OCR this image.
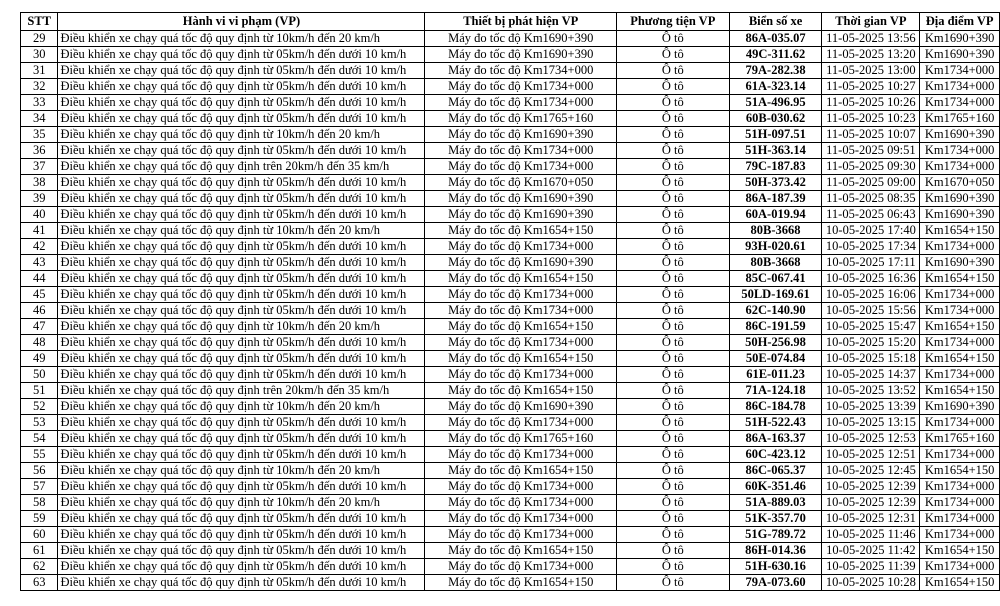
STT	Hành vi vi phạm (VP)	Thiết bị phát hiện VP	Phương tiện VP	Biển số xe	Thời gian VP	Địa điểm VP
29	Điều khiển xe chạy quá tốc độ quy định từ 10km/h đến 20 km/h	Máy đo tốc độ Km1690+390	Ô tô	86A-035.07	11-05-2025 13:56	Km1690+390
30	Điều khiển xe chạy quá tốc độ quy định từ 05km/h đến dưới 10 km/h	Máy đo tốc độ Km1690+390	Ô tô	49C-311.62	11-05-2025 13:20	Km1690+390
31	Điều khiển xe chạy quá tốc độ quy định từ 05km/h đến dưới 10 km/h	Máy đo tốc độ Km1734+000	Ô tô	79A-282.38	11-05-2025 13:00	Km1734+000
32	Điều khiển xe chạy quá tốc độ quy định từ 05km/h đến dưới 10 km/h	Máy đo tốc độ Km1734+000	Ô tô	61A-323.14	11-05-2025 10:27	Km1734+000
33	Điều khiển xe chạy quá tốc độ quy định từ 05km/h đến dưới 10 km/h	Máy đo tốc độ Km1734+000	Ô tô	51A-496.95	11-05-2025 10:26	Km1734+000
34	Điều khiển xe chạy quá tốc độ quy định từ 05km/h đến dưới 10 km/h	Máy đo tốc độ Km1765+160	Ô tô	60B-030.62	11-05-2025 10:23	Km1765+160
35	Điều khiển xe chạy quá tốc độ quy định từ 10km/h đến 20 km/h	Máy đo tốc độ Km1690+390	Ô tô	51H-097.51	11-05-2025 10:07	Km1690+390
36	Điều khiển xe chạy quá tốc độ quy định từ 05km/h đến dưới 10 km/h	Máy đo tốc độ Km1734+000	Ô tô	51H-363.14	11-05-2025 09:51	Km1734+000
37	Điều khiển xe chạy quá tốc độ quy định trên 20km/h đến 35 km/h	Máy đo tốc độ Km1734+000	Ô tô	79C-187.83	11-05-2025 09:30	Km1734+000
38	Điều khiển xe chạy quá tốc độ quy định từ 05km/h đến dưới 10 km/h	Máy đo tốc độ Km1670+050	Ô tô	50H-373.42	11-05-2025 09:00	Km1670+050
39	Điều khiển xe chạy quá tốc độ quy định từ 05km/h đến dưới 10 km/h	Máy đo tốc độ Km1690+390	Ô tô	86A-187.39	11-05-2025 08:35	Km1690+390
40	Điều khiển xe chạy quá tốc độ quy định từ 05km/h đến dưới 10 km/h	Máy đo tốc độ Km1690+390	Ô tô	60A-019.94	11-05-2025 06:43	Km1690+390
41	Điều khiển xe chạy quá tốc độ quy định từ 10km/h đến 20 km/h	Máy đo tốc độ Km1654+150	Ô tô	80B-3668	10-05-2025 17:40	Km1654+150
42	Điều khiển xe chạy quá tốc độ quy định từ 05km/h đến dưới 10 km/h	Máy đo tốc độ Km1734+000	Ô tô	93H-020.61	10-05-2025 17:34	Km1734+000
43	Điều khiển xe chạy quá tốc độ quy định từ 05km/h đến dưới 10 km/h	Máy đo tốc độ Km1690+390	Ô tô	80B-3668	10-05-2025 17:11	Km1690+390
44	Điều khiển xe chạy quá tốc độ quy định từ 05km/h đến dưới 10 km/h	Máy đo tốc độ Km1654+150	Ô tô	85C-067.41	10-05-2025 16:36	Km1654+150
45	Điều khiển xe chạy quá tốc độ quy định từ 05km/h đến dưới 10 km/h	Máy đo tốc độ Km1734+000	Ô tô	50LD-169.61	10-05-2025 16:06	Km1734+000
46	Điều khiển xe chạy quá tốc độ quy định từ 05km/h đến dưới 10 km/h	Máy đo tốc độ Km1734+000	Ô tô	62C-140.90	10-05-2025 15:56	Km1734+000
47	Điều khiển xe chạy quá tốc độ quy định từ 10km/h đến 20 km/h	Máy đo tốc độ Km1654+150	Ô tô	86C-191.59	10-05-2025 15:47	Km1654+150
48	Điều khiển xe chạy quá tốc độ quy định từ 05km/h đến dưới 10 km/h	Máy đo tốc độ Km1734+000	Ô tô	50H-256.98	10-05-2025 15:20	Km1734+000
49	Điều khiển xe chạy quá tốc độ quy định từ 05km/h đến dưới 10 km/h	Máy đo tốc độ Km1654+150	Ô tô	50E-074.84	10-05-2025 15:18	Km1654+150
50	Điều khiển xe chạy quá tốc độ quy định từ 05km/h đến dưới 10 km/h	Máy đo tốc độ Km1734+000	Ô tô	61E-011.23	10-05-2025 14:37	Km1734+000
51	Điều khiển xe chạy quá tốc độ quy định trên 20km/h đến 35 km/h	Máy đo tốc độ Km1654+150	Ô tô	71A-124.18	10-05-2025 13:52	Km1654+150
52	Điều khiển xe chạy quá tốc độ quy định từ 10km/h đến 20 km/h	Máy đo tốc độ Km1690+390	Ô tô	86C-184.78	10-05-2025 13:39	Km1690+390
53	Điều khiển xe chạy quá tốc độ quy định từ 05km/h đến dưới 10 km/h	Máy đo tốc độ Km1734+000	Ô tô	51H-522.43	10-05-2025 13:15	Km1734+000
54	Điều khiển xe chạy quá tốc độ quy định từ 05km/h đến dưới 10 km/h	Máy đo tốc độ Km1765+160	Ô tô	86A-163.37	10-05-2025 12:53	Km1765+160
55	Điều khiển xe chạy quá tốc độ quy định từ 05km/h đến dưới 10 km/h	Máy đo tốc độ Km1734+000	Ô tô	60C-423.12	10-05-2025 12:51	Km1734+000
56	Điều khiển xe chạy quá tốc độ quy định từ 10km/h đến 20 km/h	Máy đo tốc độ Km1654+150	Ô tô	86C-065.37	10-05-2025 12:45	Km1654+150
57	Điều khiển xe chạy quá tốc độ quy định từ 05km/h đến dưới 10 km/h	Máy đo tốc độ Km1734+000	Ô tô	60K-351.46	10-05-2025 12:39	Km1734+000
58	Điều khiển xe chạy quá tốc độ quy định từ 10km/h đến 20 km/h	Máy đo tốc độ Km1734+000	Ô tô	51A-889.03	10-05-2025 12:39	Km1734+000
59	Điều khiển xe chạy quá tốc độ quy định từ 05km/h đến dưới 10 km/h	Máy đo tốc độ Km1734+000	Ô tô	51K-357.70	10-05-2025 12:31	Km1734+000
60	Điều khiển xe chạy quá tốc độ quy định từ 05km/h đến dưới 10 km/h	Máy đo tốc độ Km1734+000	Ô tô	51G-789.72	10-05-2025 11:46	Km1734+000
61	Điều khiển xe chạy quá tốc độ quy định từ 05km/h đến dưới 10 km/h	Máy đo tốc độ Km1654+150	Ô tô	86H-014.36	10-05-2025 11:42	Km1654+150
62	Điều khiển xe chạy quá tốc độ quy định từ 05km/h đến dưới 10 km/h	Máy đo tốc độ Km1734+000	Ô tô	51H-630.16	10-05-2025 11:39	Km1734+000
63	Điều khiển xe chạy quá tốc độ quy định từ 05km/h đến dưới 10 km/h	Máy đo tốc độ Km1654+150	Ô tô	79A-073.60	10-05-2025 10:28	Km1654+150
